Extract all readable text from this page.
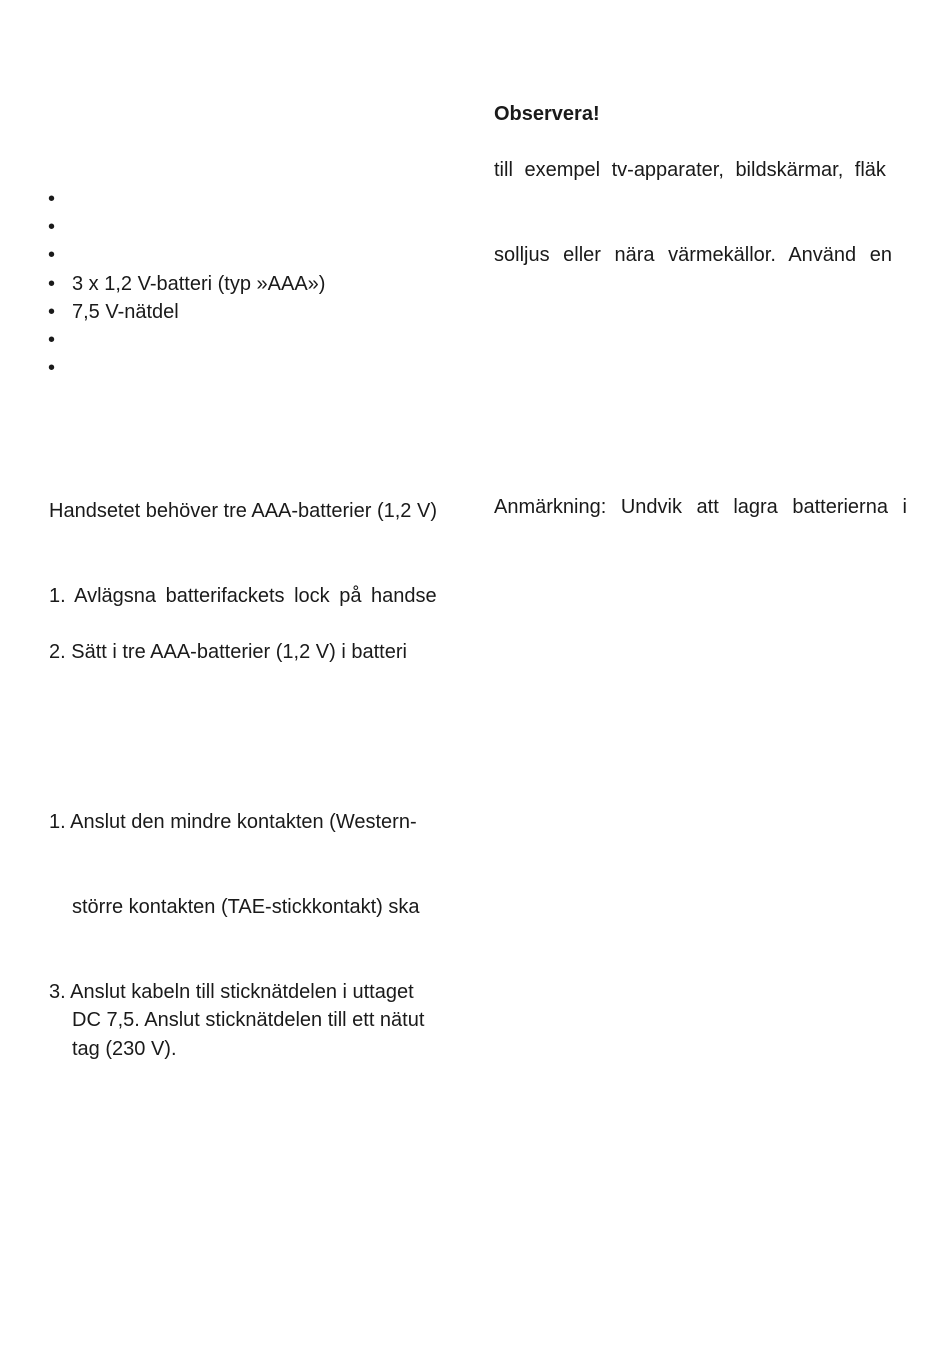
•
•
•
• 3 x 1,2 V-batteri (typ »AAA»)
• 7,5 V-nätdel
•
•
Handsetet behöver tre AAA-batterier (1,2 V)
1. Avlägsna batterifackets lock på handse
2. Sätt i tre AAA-batterier (1,2 V) i batteri
1. Anslut den mindre kontakten (Western-
större kontakten (TAE-stickkontakt) ska
3. Anslut kabeln till sticknätdelen i uttaget
DC 7,5. Anslut sticknätdelen till ett nätut
tag (230 V).
Observera!
till exempel tv-apparater, bildskärmar, fläk
solljus eller nära värmekällor. Använd en
Anmärkning: Undvik att lagra batterierna i
